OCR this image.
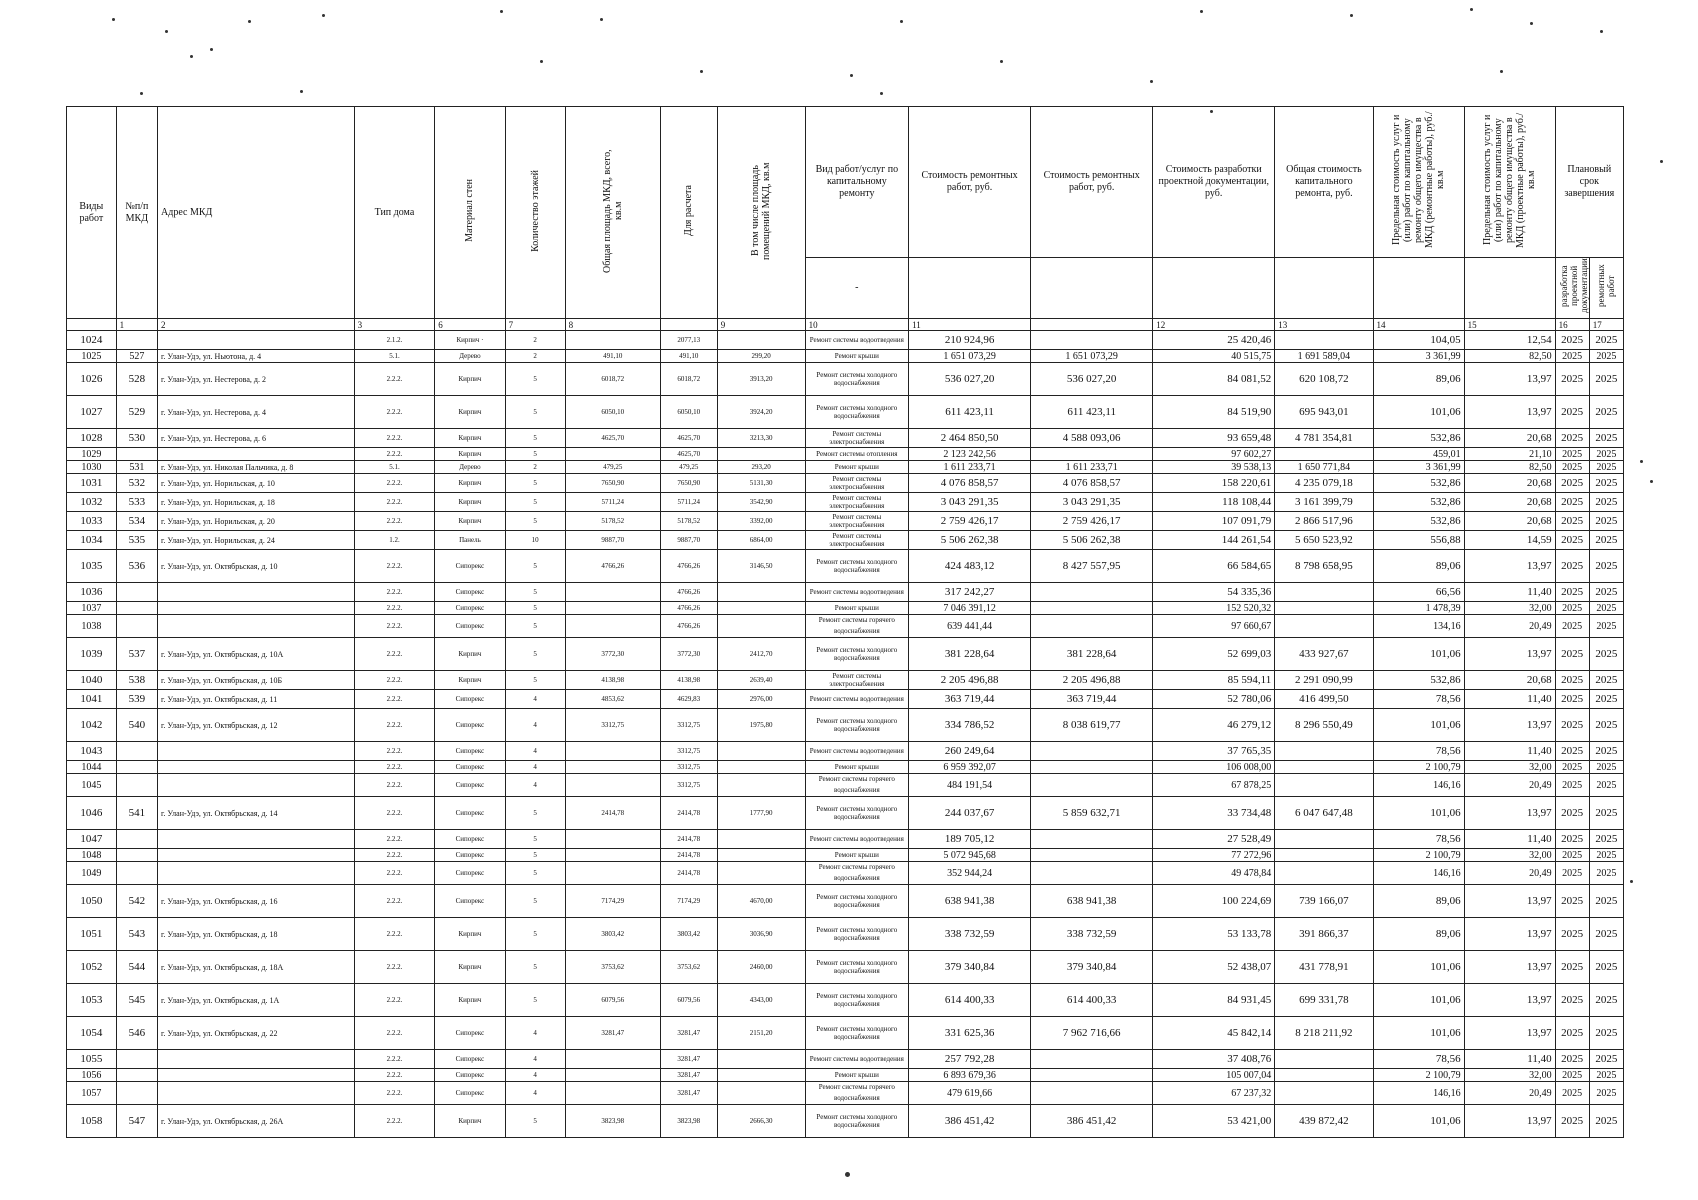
Виды работ	№п/п МКД	Адрес МКД	Тип дома	Материал стен	Количество этажей	Общая площадь МКД, всего, кв.м	Для расчета	В том числе площадь помещений МКД, кв.м	Вид работ/услуг по капитальному ремонту	Стоимость ремонтных работ, руб.	Стоимость ремонтных работ, руб.	Стоимость разработки проектной документации, руб.	Общая стоимость капитального ремонта, руб.	Предельная стоимость услуг и (или) работ по капитальному ремонту общего имущества в МКД (ремонтные работы), руб./кв.м	Предельная стоимость услуг и (или) работ по капитальному ремонту общего имущества в МКД (проектные работы), руб./кв.м	Плановый срок завершения	
									-							разработка проектной документации	ремонтных работ
	1	2	3	6	7	8		9	10	11		12	13	14	15	16	17
1024			2.1.2.	Кирпич ·	2		2077,13		Ремонт системы водоотведения	210 924,96		25 420,46		104,05	12,54	2025	2025
1025	527	г. Улан-Удэ, ул. Ньютона, д. 4	5.1.	Дерево	2	491,10	491,10	299,20	Ремонт крыши	1 651 073,29	1 651 073,29	40 515,75	1 691 589,04	3 361,99	82,50	2025	2025
1026	528	г. Улан-Удэ, ул. Нестерова, д. 2	2.2.2.	Кирпич	5	6018,72	6018,72	3913,20	Ремонт системы холодного водоснабжения	536 027,20	536 027,20	84 081,52	620 108,72	89,06	13,97	2025	2025
1027	529	г. Улан-Удэ, ул. Нестерова, д. 4	2.2.2.	Кирпич	5	6050,10	6050,10	3924,20	Ремонт системы холодного водоснабжения	611 423,11	611 423,11	84 519,90	695 943,01	101,06	13,97	2025	2025
1028	530	г. Улан-Удэ, ул. Нестерова, д. 6	2.2.2.	Кирпич	5	4625,70	4625,70	3213,30	Ремонт системы электроснабжения	2 464 850,50	4 588 093,06	93 659,48	4 781 354,81	532,86	20,68	2025	2025
1029			2.2.2.	Кирпич	5		4625,70		Ремонт системы отопления	2 123 242,56		97 602,27		459,01	21,10	2025	2025
1030	531	г. Улан-Удэ, ул. Николая Пальчика, д. 8	5.1.	Дерево	2	479,25	479,25	293,20	Ремонт крыши	1 611 233,71	1 611 233,71	39 538,13	1 650 771,84	3 361,99	82,50	2025	2025
1031	532	г. Улан-Удэ, ул. Норильская, д. 10	2.2.2.	Кирпич	5	7650,90	7650,90	5131,30	Ремонт системы электроснабжения	4 076 858,57	4 076 858,57	158 220,61	4 235 079,18	532,86	20,68	2025	2025
1032	533	г. Улан-Удэ, ул. Норильская, д. 18	2.2.2.	Кирпич	5	5711,24	5711,24	3542,90	Ремонт системы электроснабжения	3 043 291,35	3 043 291,35	118 108,44	3 161 399,79	532,86	20,68	2025	2025
1033	534	г. Улан-Удэ, ул. Норильская, д. 20	2.2.2.	Кирпич	5	5178,52	5178,52	3392,00	Ремонт системы электроснабжения	2 759 426,17	2 759 426,17	107 091,79	2 866 517,96	532,86	20,68	2025	2025
1034	535	г. Улан-Удэ, ул. Норильская, д. 24	1.2.	Панель	10	9887,70	9887,70	6864,00	Ремонт системы электроснабжения	5 506 262,38	5 506 262,38	144 261,54	5 650 523,92	556,88	14,59	2025	2025
1035	536	г. Улан-Удэ, ул. Октябрьская, д. 10	2.2.2.	Сипорекс	5	4766,26	4766,26	3146,50	Ремонт системы холодного водоснабжения	424 483,12	8 427 557,95	66 584,65	8 798 658,95	89,06	13,97	2025	2025
1036			2.2.2.	Сипорекс	5		4766,26		Ремонт системы водоотведения	317 242,27		54 335,36		66,56	11,40	2025	2025
1037			2.2.2.	Сипорекс	5		4766,26		Ремонт крыши	7 046 391,12		152 520,32		1 478,39	32,00	2025	2025
1038			2.2.2.	Сипорекс	5		4766,26		Ремонт системы горячего водоснабжения	639 441,44		97 660,67		134,16	20,49	2025	2025
1039	537	г. Улан-Удэ, ул. Октябрьская, д. 10А	2.2.2.	Кирпич	5	3772,30	3772,30	2412,70	Ремонт системы холодного водоснабжения	381 228,64	381 228,64	52 699,03	433 927,67	101,06	13,97	2025	2025
1040	538	г. Улан-Удэ, ул. Октябрьская, д. 10Б	2.2.2.	Кирпич	5	4138,98	4138,98	2639,40	Ремонт системы электроснабжения	2 205 496,88	2 205 496,88	85 594,11	2 291 090,99	532,86	20,68	2025	2025
1041	539	г. Улан-Удэ, ул. Октябрьская, д. 11	2.2.2.	Сипорекс	4	4853,62	4629,83	2976,00	Ремонт системы водоотведения	363 719,44	363 719,44	52 780,06	416 499,50	78,56	11,40	2025	2025
1042	540	г. Улан-Удэ, ул. Октябрьская, д. 12	2.2.2.	Сипорекс	4	3312,75	3312,75	1975,80	Ремонт системы холодного водоснабжения	334 786,52	8 038 619,77	46 279,12	8 296 550,49	101,06	13,97	2025	2025
1043			2.2.2.	Сипорекс	4		3312,75		Ремонт системы водоотведения	260 249,64		37 765,35		78,56	11,40	2025	2025
1044			2.2.2.	Сипорекс	4		3312,75		Ремонт крыши	6 959 392,07		106 008,00		2 100,79	32,00	2025	2025
1045			2.2.2.	Сипорекс	4		3312,75		Ремонт системы горячего водоснабжения	484 191,54		67 878,25		146,16	20,49	2025	2025
1046	541	г. Улан-Удэ, ул. Октябрьская, д. 14	2.2.2.	Сипорекс	5	2414,78	2414,78	1777,90	Ремонт системы холодного водоснабжения	244 037,67	5 859 632,71	33 734,48	6 047 647,48	101,06	13,97	2025	2025
1047			2.2.2.	Сипорекс	5		2414,78		Ремонт системы водоотведения	189 705,12		27 528,49		78,56	11,40	2025	2025
1048			2.2.2.	Сипорекс	5		2414,78		Ремонт крыши	5 072 945,68		77 272,96		2 100,79	32,00	2025	2025
1049			2.2.2.	Сипорекс	5		2414,78		Ремонт системы горячего водоснабжения	352 944,24		49 478,84		146,16	20,49	2025	2025
1050	542	г. Улан-Удэ, ул. Октябрьская, д. 16	2.2.2.	Сипорекс	5	7174,29	7174,29	4670,00	Ремонт системы холодного водоснабжения	638 941,38	638 941,38	100 224,69	739 166,07	89,06	13,97	2025	2025
1051	543	г. Улан-Удэ, ул. Октябрьская, д. 18	2.2.2.	Кирпич	5	3803,42	3803,42	3036,90	Ремонт системы холодного водоснабжения	338 732,59	338 732,59	53 133,78	391 866,37	89,06	13,97	2025	2025
1052	544	г. Улан-Удэ, ул. Октябрьская, д. 18А	2.2.2.	Кирпич	5	3753,62	3753,62	2460,00	Ремонт системы холодного водоснабжения	379 340,84	379 340,84	52 438,07	431 778,91	101,06	13,97	2025	2025
1053	545	г. Улан-Удэ, ул. Октябрьская, д. 1А	2.2.2.	Кирпич	5	6079,56	6079,56	4343,00	Ремонт системы холодного водоснабжения	614 400,33	614 400,33	84 931,45	699 331,78	101,06	13,97	2025	2025
1054	546	г. Улан-Удэ, ул. Октябрьская, д. 22	2.2.2.	Сипорекс	4	3281,47	3281,47	2151,20	Ремонт системы холодного водоснабжения	331 625,36	7 962 716,66	45 842,14	8 218 211,92	101,06	13,97	2025	2025
1055			2.2.2.	Сипорекс	4		3281,47		Ремонт системы водоотведения	257 792,28		37 408,76		78,56	11,40	2025	2025
1056			2.2.2.	Сипорекс	4		3281,47		Ремонт крыши	6 893 679,36		105 007,04		2 100,79	32,00	2025	2025
1057			2.2.2.	Сипорекс	4		3281,47		Ремонт системы горячего водоснабжения	479 619,66		67 237,32		146,16	20,49	2025	2025
1058	547	г. Улан-Удэ, ул. Октябрьская, д. 26А	2.2.2.	Кирпич	5	3823,98	3823,98	2666,30	Ремонт системы холодного водоснабжения	386 451,42	386 451,42	53 421,00	439 872,42	101,06	13,97	2025	2025
